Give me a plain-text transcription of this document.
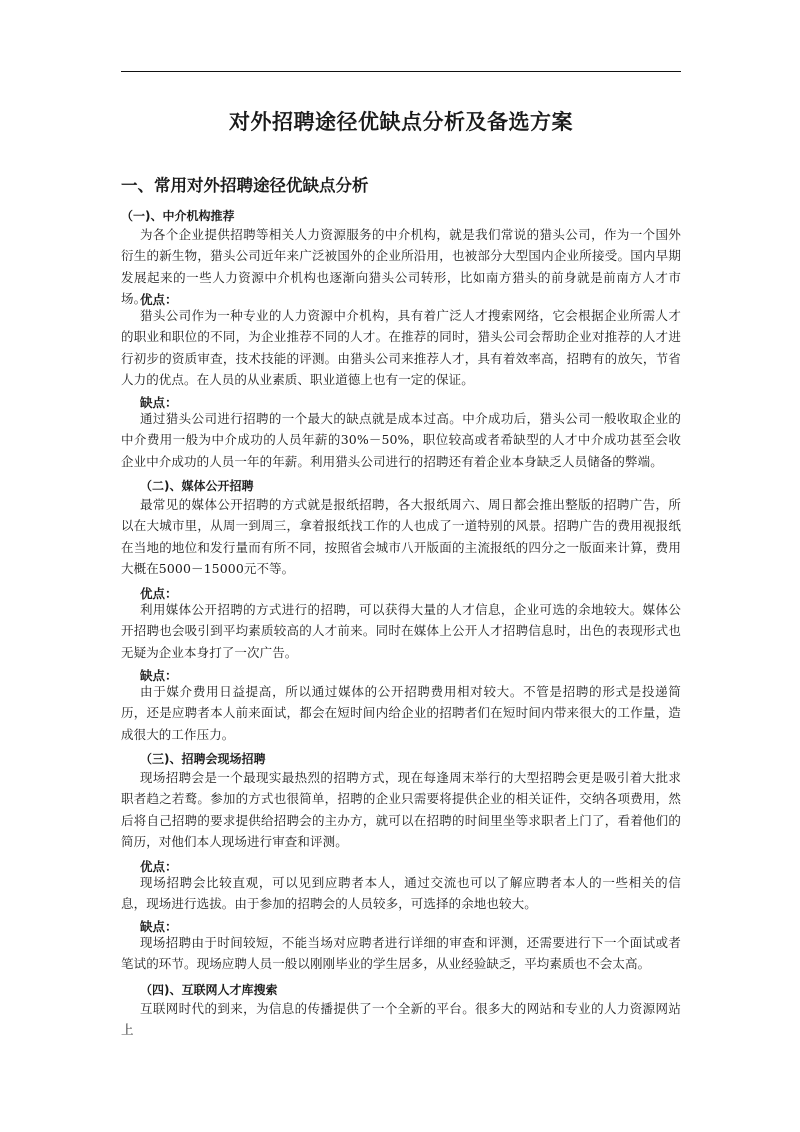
对外招聘途径优缺点分析及备选方案
一、常用对外招聘途径优缺点分析
（一)、中介机构推荐
为各个企业提供招聘等相关人力资源服务的中介机构，就是我们常说的猎头公司，作为一个国外衍生的新生物，猎头公司近年来广泛被国外的企业所沿用，也被部分大型国内企业所接受。国内早期发展起来的一些人力资源中介机构也逐渐向猎头公司转形，比如南方猎头的前身就是前南方人才市场。
优点：
猎头公司作为一种专业的人力资源中介机构，具有着广泛人才搜索网络，它会根据企业所需人才的职业和职位的不同，为企业推荐不同的人才。在推荐的同时，猎头公司会帮助企业对推荐的人才进行初步的资质审查，技术技能的评测。由猎头公司来推荐人才，具有着效率高，招聘有的放矢，节省人力的优点。在人员的从业素质、职业道德上也有一定的保证。
缺点：
通过猎头公司进行招聘的一个最大的缺点就是成本过高。中介成功后，猎头公司一般收取企业的中介费用一般为中介成功的人员年薪的30%－50%，职位较高或者希缺型的人才中介成功甚至会收企业中介成功的人员一年的年薪。利用猎头公司进行的招聘还有着企业本身缺乏人员储备的弊端。
（二)、媒体公开招聘
最常见的媒体公开招聘的方式就是报纸招聘，各大报纸周六、周日都会推出整版的招聘广告，所以在大城市里，从周一到周三，拿着报纸找工作的人也成了一道特别的风景。招聘广告的费用视报纸在当地的地位和发行量而有所不同，按照省会城市八开版面的主流报纸的四分之一版面来计算，费用大概在5000－15000元不等。
优点：
利用媒体公开招聘的方式进行的招聘，可以获得大量的人才信息，企业可选的余地较大。媒体公开招聘也会吸引到平均素质较高的人才前来。同时在媒体上公开人才招聘信息时，出色的表现形式也无疑为企业本身打了一次广告。
缺点：
由于媒介费用日益提高，所以通过媒体的公开招聘费用相对较大。不管是招聘的形式是投递简历，还是应聘者本人前来面试，都会在短时间内给企业的招聘者们在短时间内带来很大的工作量，造成很大的工作压力。
（三)、招聘会现场招聘
现场招聘会是一个最现实最热烈的招聘方式，现在每逢周末举行的大型招聘会更是吸引着大批求职者趋之若鹜。参加的方式也很简单，招聘的企业只需要将提供企业的相关证件，交纳各项费用，然后将自己招聘的要求提供给招聘会的主办方，就可以在招聘的时间里坐等求职者上门了，看着他们的简历，对他们本人现场进行审查和评测。
优点：
现场招聘会比较直观，可以见到应聘者本人，通过交流也可以了解应聘者本人的一些相关的信息，现场进行选拔。由于参加的招聘会的人员较多，可选择的余地也较大。
缺点：
现场招聘由于时间较短，不能当场对应聘者进行详细的审查和评测，还需要进行下一个面试或者笔试的环节。现场应聘人员一般以刚刚毕业的学生居多，从业经验缺乏，平均素质也不会太高。
（四)、互联网人才库搜索
互联网时代的到来，为信息的传播提供了一个全新的平台。很多大的网站和专业的人力资源网站上
